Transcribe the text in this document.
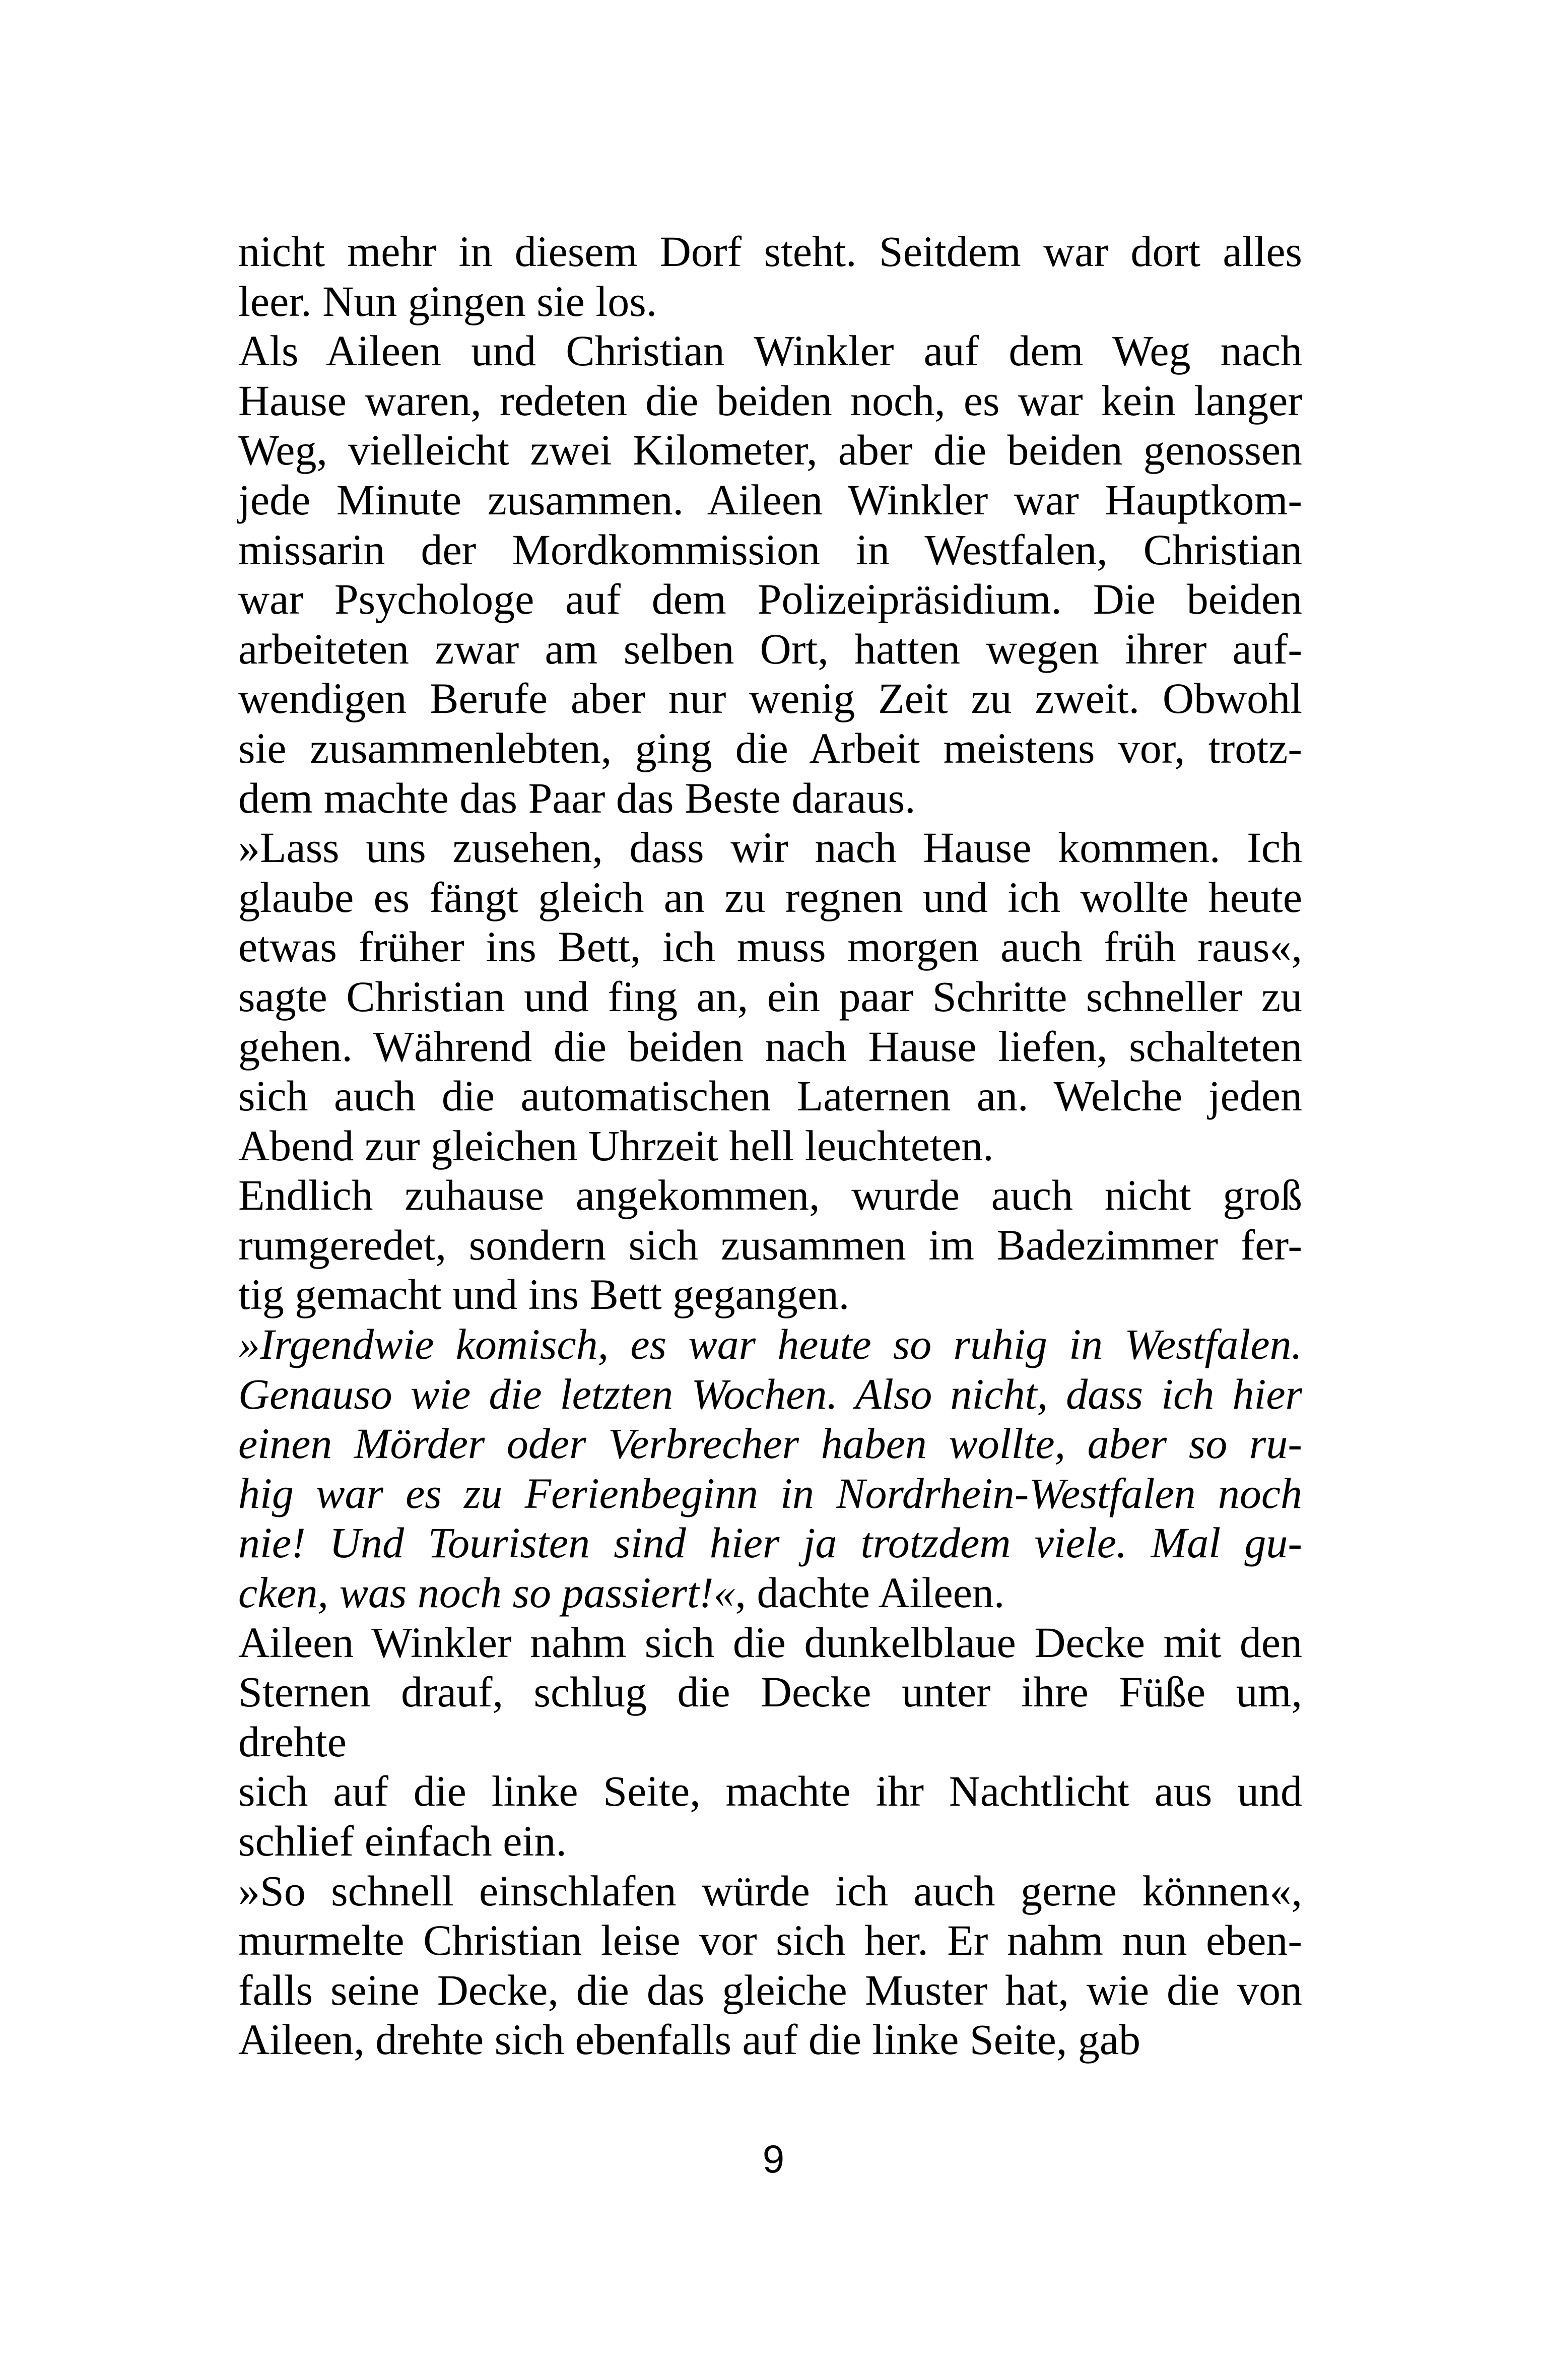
nicht mehr in diesem Dorf steht. Seitdem war dort alles
leer. Nun gingen sie los.
Als Aileen und Christian Winkler auf dem Weg nach
Hause waren, redeten die beiden noch, es war kein langer
Weg, vielleicht zwei Kilometer, aber die beiden genossen
jede Minute zusammen. Aileen Winkler war Hauptkom-
missarin der Mordkommission in Westfalen, Christian
war Psychologe auf dem Polizeipräsidium. Die beiden
arbeiteten zwar am selben Ort, hatten wegen ihrer auf-
wendigen Berufe aber nur wenig Zeit zu zweit. Obwohl
sie zusammenlebten, ging die Arbeit meistens vor, trotz-
dem machte das Paar das Beste daraus.
»Lass uns zusehen, dass wir nach Hause kommen. Ich
glaube es fängt gleich an zu regnen und ich wollte heute
etwas früher ins Bett, ich muss morgen auch früh raus«,
sagte Christian und fing an, ein paar Schritte schneller zu
gehen. Während die beiden nach Hause liefen, schalteten
sich auch die automatischen Laternen an. Welche jeden
Abend zur gleichen Uhrzeit hell leuchteten.
Endlich zuhause angekommen, wurde auch nicht groß
rumgeredet, sondern sich zusammen im Badezimmer fer-
tig gemacht und ins Bett gegangen.
»Irgendwie komisch, es war heute so ruhig in Westfalen.
Genauso wie die letzten Wochen. Also nicht, dass ich hier
einen Mörder oder Verbrecher haben wollte, aber so ru-
hig war es zu Ferienbeginn in Nordrhein-Westfalen noch
nie! Und Touristen sind hier ja trotzdem viele. Mal gu-
cken, was noch so passiert!«, dachte Aileen.
Aileen Winkler nahm sich die dunkelblaue Decke mit den
Sternen drauf, schlug die Decke unter ihre Füße um,
drehte
sich auf die linke Seite, machte ihr Nachtlicht aus und
schlief einfach ein.
»So schnell einschlafen würde ich auch gerne können«,
murmelte Christian leise vor sich her. Er nahm nun eben-
falls seine Decke, die das gleiche Muster hat, wie die von
Aileen, drehte sich ebenfalls auf die linke Seite, gab
9
